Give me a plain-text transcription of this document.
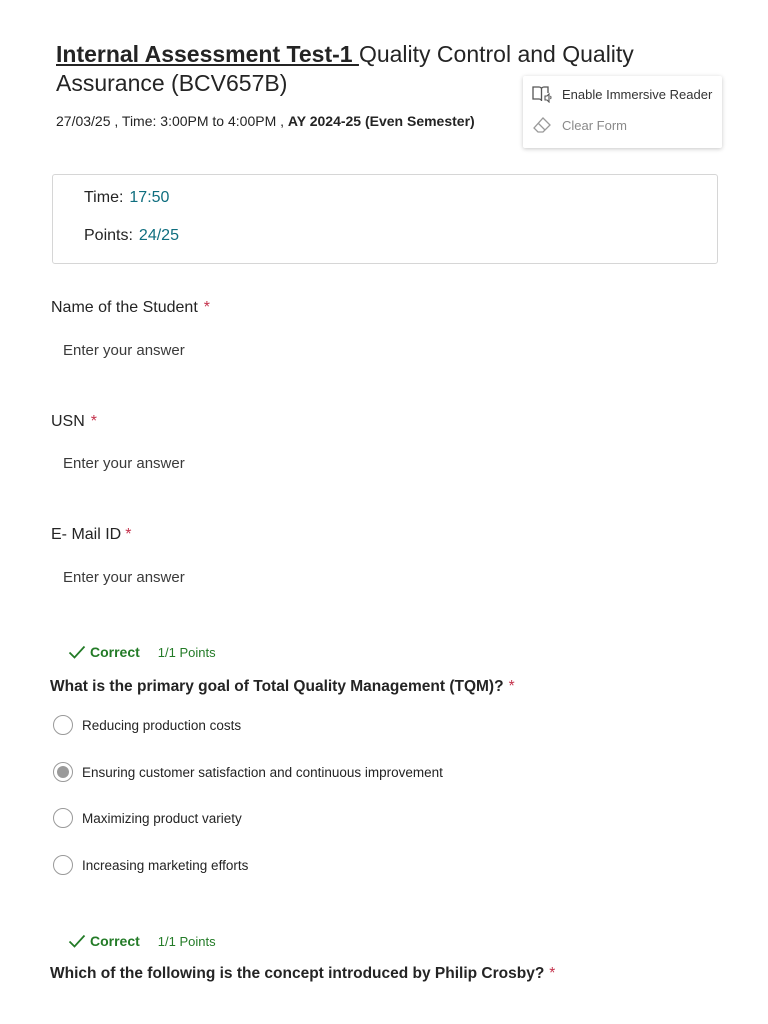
Internal Assessment Test-1 Quality Control and Quality Assurance (BCV657B)
27/03/25 , Time: 3:00PM to 4:00PM , AY 2024-25 (Even Semester)
Enable Immersive Reader
Clear Form
Time: 17:50
Points: 24/25
Name of the Student *
Enter your answer
USN *
Enter your answer
E- Mail ID *
Enter your answer
Correct 1/1 Points
What is the primary goal of Total Quality Management (TQM)? *
Reducing production costs
Ensuring customer satisfaction and continuous improvement
Maximizing product variety
Increasing marketing efforts
Correct 1/1 Points
Which of the following is the concept introduced by Philip Crosby? *
